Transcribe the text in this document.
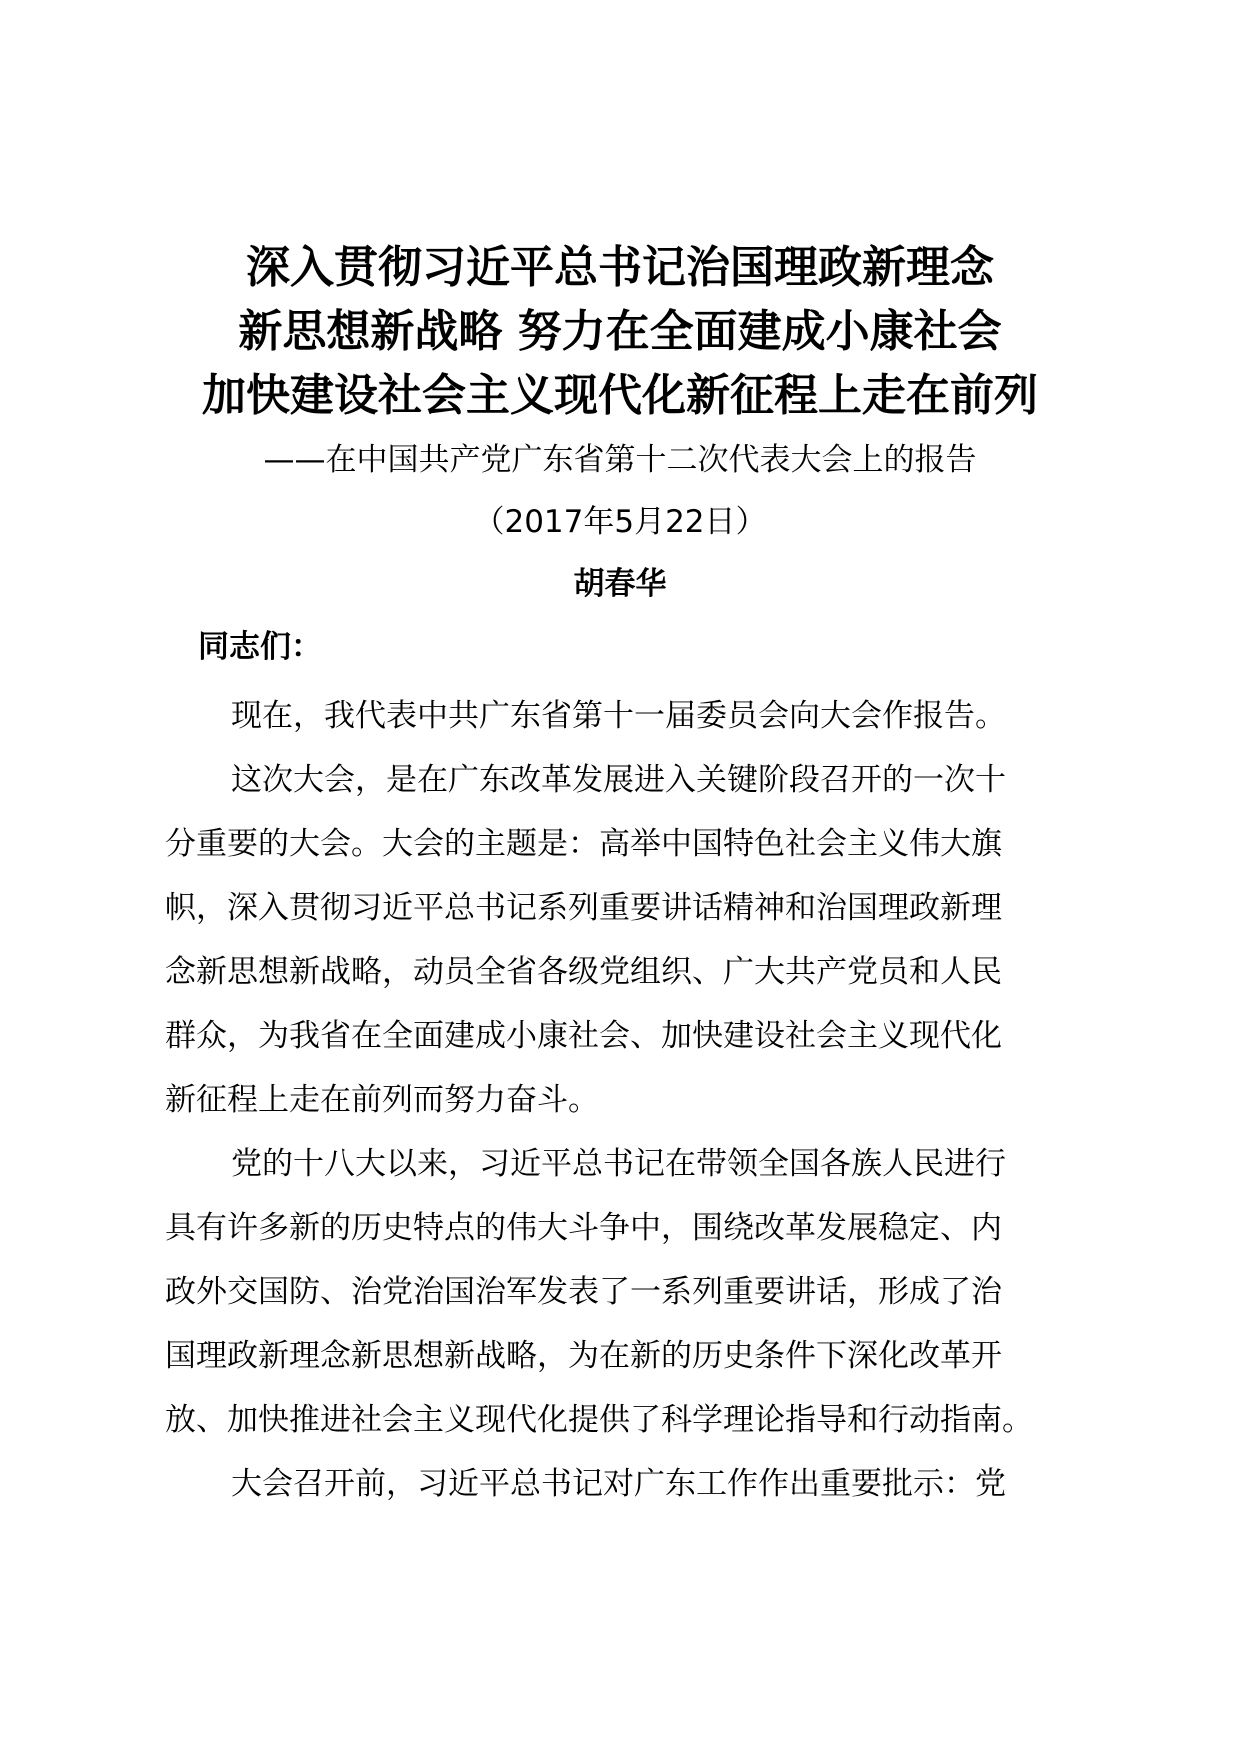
深入贯彻习近平总书记治国理政新理念
新思想新战略 努力在全面建成小康社会
加快建设社会主义现代化新征程上走在前列
——在中国共产党广东省第十二次代表大会上的报告
（2017年5月22日）
胡春华
同志们：
现在，我代表中共广东省第十一届委员会向大会作报告。
这次大会，是在广东改革发展进入关键阶段召开的一次十
分重要的大会。大会的主题是：高举中国特色社会主义伟大旗
帜，深入贯彻习近平总书记系列重要讲话精神和治国理政新理
念新思想新战略，动员全省各级党组织、广大共产党员和人民
群众，为我省在全面建成小康社会、加快建设社会主义现代化
新征程上走在前列而努力奋斗。
党的十八大以来，习近平总书记在带领全国各族人民进行
具有许多新的历史特点的伟大斗争中，围绕改革发展稳定、内
政外交国防、治党治国治军发表了一系列重要讲话，形成了治
国理政新理念新思想新战略，为在新的历史条件下深化改革开
放、加快推进社会主义现代化提供了科学理论指导和行动指南。
大会召开前，习近平总书记对广东工作作出重要批示：党
